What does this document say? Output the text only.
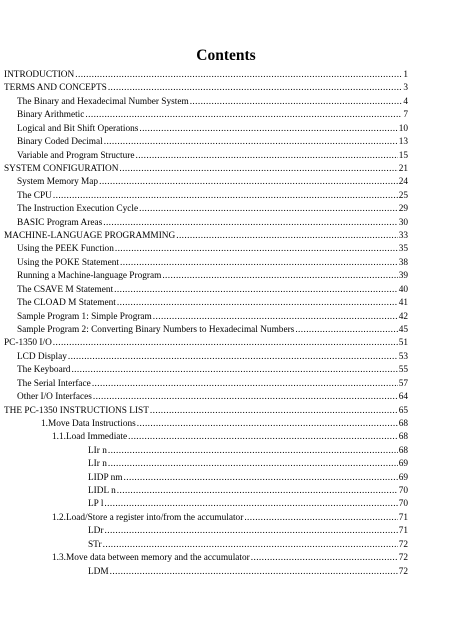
Contents
INTRODUCTION .....	1
TERMS AND CONCEPTS .....	3
The Binary and Hexadecimal Number System .....	4
Binary Arithmetic .....	7
Logical and Bit Shift Operations .....	10
Binary Coded Decimal .....	13
Variable and Program Structure .....	15
SYSTEM CONFIGURATION .....	21
System Memory Map .....	24
The CPU .....	25
The Instruction Execution Cycle .....	29
BASIC Program Areas .....	30
MACHINE-LANGUAGE PROGRAMMING .....	33
Using the PEEK Function .....	35
Using the POKE Statement .....	38
Running a Machine-language Program .....	39
The CSAVE M Statement .....	40
The CLOAD M Statement .....	41
Sample Program 1: Simple Program .....	42
Sample Program 2: Converting Binary Numbers to Hexadecimal Numbers .....	45
PC-1350 I/O .....	51
LCD Display .....	53
The Keyboard .....	55
The Serial Interface .....	57
Other I/O Interfaces .....	64
THE PC-1350 INSTRUCTIONS LIST .....	65
1.Move Data Instructions .....	68
1.1.Load Immediate .....	68
LIr n .....	68
LIr n .....	69
LIDP nm .....	69
LIDL n .....	70
LP l .....	70
1.2.Load/Store a register into/from the accumulator .....	71
LDr .....	71
STr .....	72
1.3.Move data between memory and the accumulator .....	72
LDM .....	72
